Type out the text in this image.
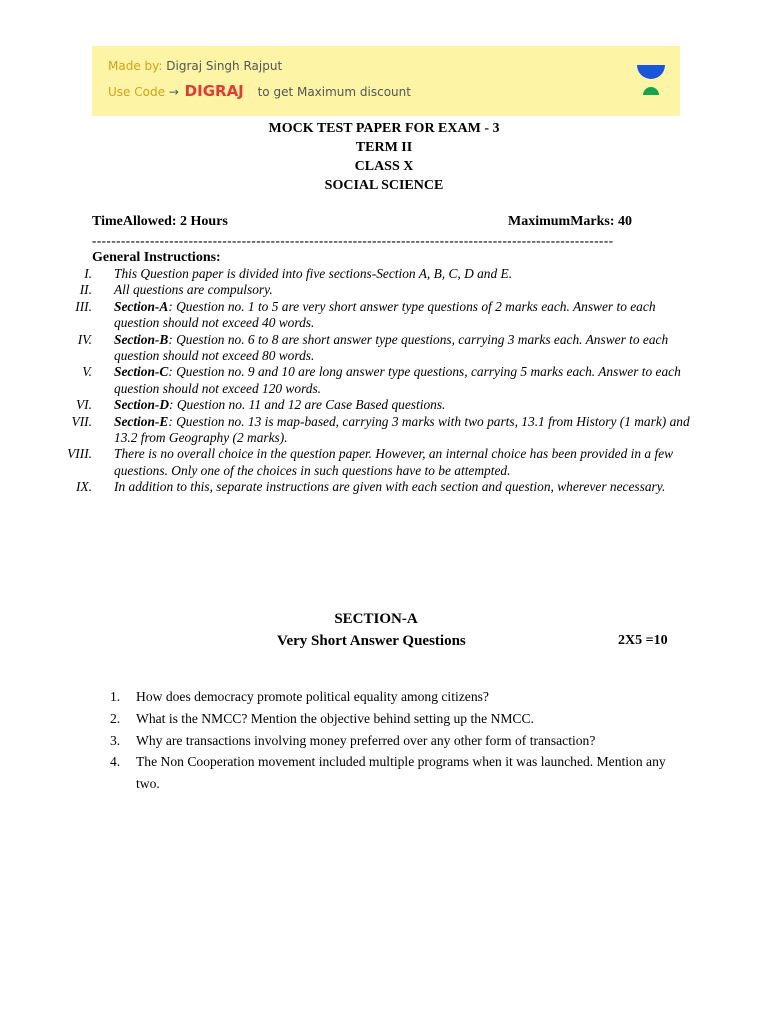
Made by: Digraj Singh Rajput
Use Code → DIGRAJ to get Maximum discount
MOCK TEST PAPER FOR EXAM - 3
TERM II
CLASS X
SOCIAL SCIENCE
TimeAllowed: 2 Hours	MaximumMarks: 40
------------------------------------------------------------------------------------------------------------
General Instructions:
I.	This Question paper is divided into five sections-Section A, B, C, D and E.
II.	All questions are compulsory.
III.	Section-A: Question no. 1 to 5 are very short answer type questions of 2 marks each. Answer to each question should not exceed 40 words.
IV.	Section-B: Question no. 6 to 8 are short answer type questions, carrying 3 marks each. Answer to each question should not exceed 80 words.
V.	Section-C: Question no. 9 and 10 are long answer type questions, carrying 5 marks each. Answer to each question should not exceed 120 words.
VI.	Section-D: Question no. 11 and 12 are Case Based questions.
VII.	Section-E: Question no. 13 is map-based, carrying 3 marks with two parts, 13.1 from History (1 mark) and 13.2 from Geography (2 marks).
VIII.	There is no overall choice in the question paper. However, an internal choice has been provided in a few questions. Only one of the choices in such questions have to be attempted.
IX.	In addition to this, separate instructions are given with each section and question, wherever necessary.
SECTION-A
Very Short Answer Questions	2X5 =10
1.	How does democracy promote political equality among citizens?
2.	What is the NMCC? Mention the objective behind setting up the NMCC.
3.	Why are transactions involving money preferred over any other form of transaction?
4.	The Non Cooperation movement included multiple programs when it was launched. Mention any two.
